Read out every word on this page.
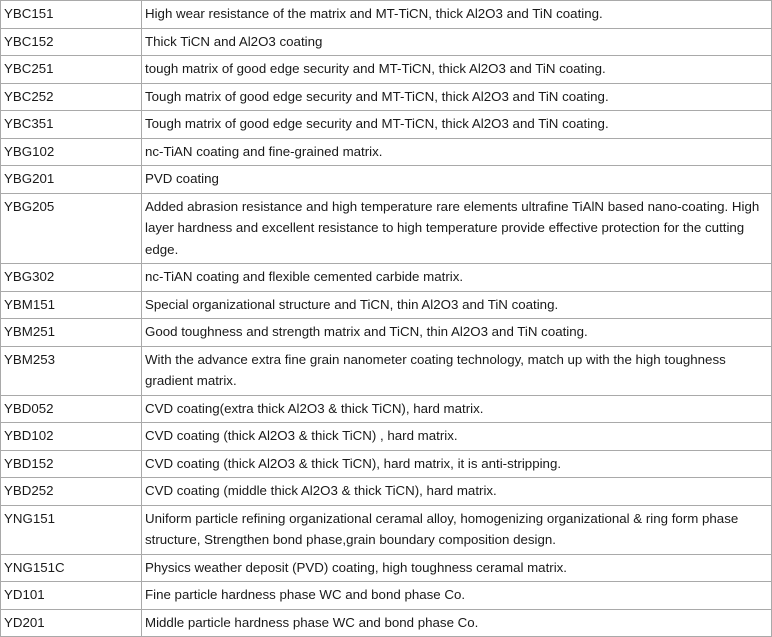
YBC151	High wear resistance of the matrix and MT-TiCN, thick Al2O3 and TiN coating.
YBC152	Thick TiCN and Al2O3 coating
YBC251	tough matrix of good edge security and MT-TiCN, thick Al2O3 and TiN coating.
YBC252	Tough matrix of good edge security and MT-TiCN, thick Al2O3 and TiN coating.
YBC351	Tough matrix of good edge security and MT-TiCN, thick Al2O3 and TiN coating.
YBG102	nc-TiAN coating and fine-grained matrix.
YBG201	PVD coating
YBG205	Added abrasion resistance and high temperature rare elements ultrafine TiAlN based nano-coating. High layer hardness and excellent resistance to high temperature provide effective protection for the cutting edge.
YBG302	nc-TiAN coating and flexible cemented carbide matrix.
YBM151	Special organizational structure and TiCN, thin Al2O3 and TiN coating.
YBM251	Good toughness and strength matrix and TiCN, thin Al2O3 and TiN coating.
YBM253	With the advance extra fine grain nanometer coating technology, match up with the high toughness gradient matrix.
YBD052	CVD coating(extra thick Al2O3 & thick TiCN), hard matrix.
YBD102	CVD coating (thick Al2O3 & thick TiCN) , hard matrix.
YBD152	CVD coating (thick Al2O3 & thick TiCN), hard matrix, it is anti-stripping.
YBD252	CVD coating (middle thick Al2O3 & thick TiCN), hard matrix.
YNG151	Uniform particle refining organizational ceramal alloy, homogenizing organizational & ring form phase structure, Strengthen bond phase,grain boundary composition design.
YNG151C	Physics weather deposit (PVD) coating, high toughness ceramal matrix.
YD101	Fine particle hardness phase WC and bond phase Co.
YD201	Middle particle hardness phase WC and bond phase Co.
